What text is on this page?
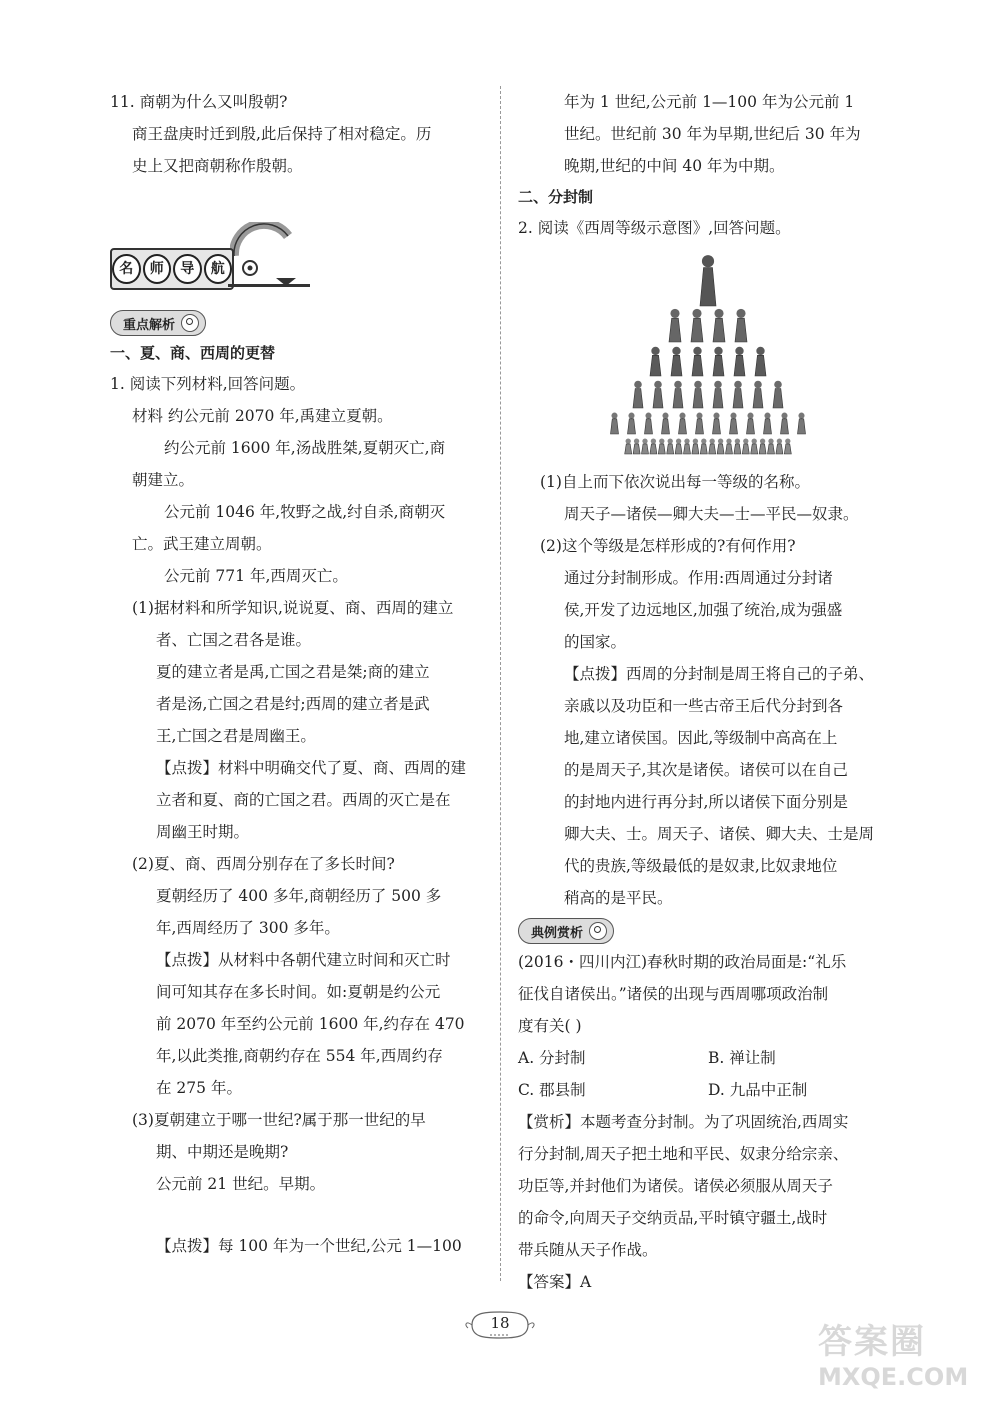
11. 商朝为什么又叫殷朝?

商王盘庚时迁到殷,此后保持了相对稳定。历

史上又把商朝称作殷朝。

名	师	导	航
重点解析

一、夏、商、西周的更替

1. 阅读下列材料,回答问题。

材料 约公元前 2070 年,禹建立夏朝。

约公元前 1600 年,汤战胜桀,夏朝灭亡,商

朝建立。

公元前 1046 年,牧野之战,纣自杀,商朝灭

亡。武王建立周朝。

公元前 771 年,西周灭亡。

(1)据材料和所学知识,说说夏、商、西周的建立

者、亡国之君各是谁。

夏的建立者是禹,亡国之君是桀;商的建立

者是汤,亡国之君是纣;西周的建立者是武

王,亡国之君是周幽王。

【点拨】材料中明确交代了夏、商、西周的建

立者和夏、商的亡国之君。西周的灭亡是在

周幽王时期。

(2)夏、商、西周分别存在了多长时间?

夏朝经历了 400 多年,商朝经历了 500 多

年,西周经历了 300 多年。

【点拨】从材料中各朝代建立时间和灭亡时

间可知其存在多长时间。如:夏朝是约公元

前 2070 年至约公元前 1600 年,约存在 470

年,以此类推,商朝约存在 554 年,西周约存

在 275 年。

(3)夏朝建立于哪一世纪?属于那一世纪的早

期、中期还是晚期?

公元前 21 世纪。早期。

【点拨】每 100 年为一个世纪,公元 1—100

年为 1 世纪,公元前 1—100 年为公元前 1

世纪。世纪前 30 年为早期,世纪后 30 年为

晚期,世纪的中间 40 年为中期。

二、分封制

2. 阅读《西周等级示意图》,回答问题。

(1)自上而下依次说出每一等级的名称。

周天子—诸侯—卿大夫—士—平民—奴隶。

(2)这个等级是怎样形成的?有何作用?

通过分封制形成。作用:西周通过分封诸

侯,开发了边远地区,加强了统治,成为强盛

的国家。

【点拨】西周的分封制是周王将自己的子弟、

亲戚以及功臣和一些古帝王后代分封到各

地,建立诸侯国。因此,等级制中高高在上

的是周天子,其次是诸侯。诸侯可以在自己

的封地内进行再分封,所以诸侯下面分别是

卿大夫、士。周天子、诸侯、卿大夫、士是周

代的贵族,等级最低的是奴隶,比奴隶地位

稍高的是平民。

典例赏析

(2016・四川内江)春秋时期的政治局面是:“礼乐

征伐自诸侯出。”诸侯的出现与西周哪项政治制

度有关( )

A. 分封制	B. 禅让制
C. 郡县制	D. 九品中正制

【赏析】本题考查分封制。为了巩固统治,西周实

行分封制,周天子把土地和平民、奴隶分给宗亲、

功臣等,并封他们为诸侯。诸侯必须服从周天子

的命令,向周天子交纳贡品,平时镇守疆土,战时

带兵随从天子作战。

【答案】A

18	答案圈
MXQE.COM
